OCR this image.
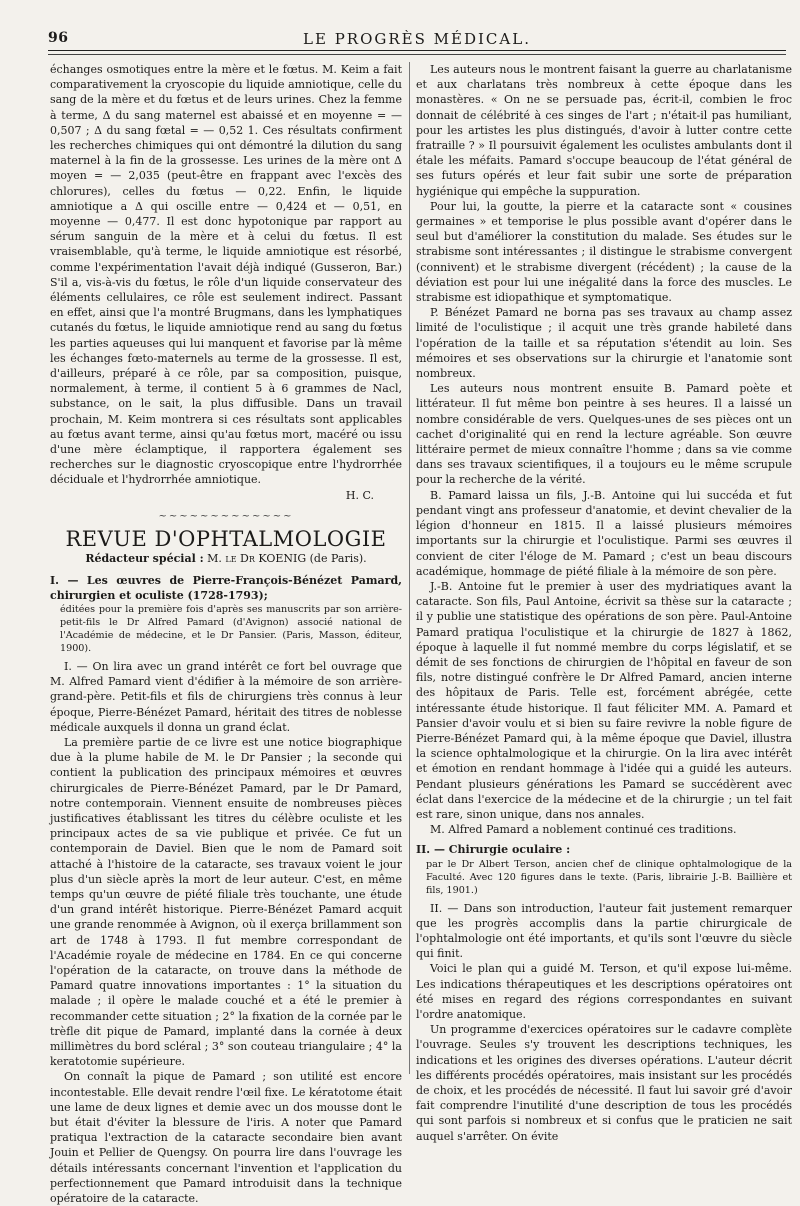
96	LE PROGRÈS MÉDICAL.

échanges osmotiques entre la mère et le fœtus. M. Keim a fait comparativement la cryoscopie du liquide amniotique, celle du sang de la mère et du fœtus et de leurs urines. Chez la femme à terme, Δ du sang maternel est abaissé et en moyenne = — 0,507 ; Δ du sang fœtal = — 0,52 1. Ces résultats confirment les recherches chimiques qui ont démontré la dilution du sang maternel à la fin de la grossesse. Les urines de la mère ont Δ moyen = — 2,035 (peut-être en frappant avec l'excès des chlorures), celles du fœtus — 0,22. Enfin, le liquide amniotique a Δ qui oscille entre — 0,424 et — 0,51, en moyenne — 0,477. Il est donc hypotonique par rapport au sérum sanguin de la mère et à celui du fœtus. Il est vraisemblable, qu'à terme, le liquide amniotique est résorbé, comme l'expérimentation l'avait déjà indiqué (Gusseron, Bar.) S'il a, vis-à-vis du fœtus, le rôle d'un liquide conservateur des éléments cellulaires, ce rôle est seulement indirect. Passant en effet, ainsi que l'a montré Brugmans, dans les lymphatiques cutanés du fœtus, le liquide amniotique rend au sang du fœtus les parties aqueuses qui lui manquent et favorise par là même les échanges fœto-maternels au terme de la grossesse. Il est, d'ailleurs, préparé à ce rôle, par sa composition, puisque, normalement, à terme, il contient 5 à 6 grammes de Nacl, substance, on le sait, la plus diffusible. Dans un travail prochain, M. Keim montrera si ces résultats sont applicables au fœtus avant terme, ainsi qu'au fœtus mort, macéré ou issu d'une mère éclamptique, il rapportera également ses recherches sur le diagnostic cryoscopique entre l'hydrorrhée déciduale et l'hydrorrhée amniotique.

H. C.

~~~~~~~~~~~~~
REVUE D'OPHTALMOLOGIE
Rédacteur spécial : M. le Dr KOENIG (de Paris).

I. — Les œuvres de Pierre-François-Bénézet Pamard, chirurgien et oculiste (1728-1793);

éditées pour la première fois d'après ses manuscrits par son arrière-petit-fils le Dr Alfred Pamard (d'Avignon) associé national de l'Académie de médecine, et le Dr Pansier. (Paris, Masson, éditeur, 1900).

I. — On lira avec un grand intérêt ce fort bel ouvrage que M. Alfred Pamard vient d'édifier à la mémoire de son arrière-grand-père. Petit-fils et fils de chirurgiens très connus à leur époque, Pierre-Bénézet Pamard, héritait des titres de noblesse médicale auxquels il donna un grand éclat.

La première partie de ce livre est une notice biographique due à la plume habile de M. le Dr Pansier ; la seconde qui contient la publication des principaux mémoires et œuvres chirurgicales de Pierre-Bénézet Pamard, par le Dr Pamard, notre contemporain. Viennent ensuite de nombreuses pièces justificatives établissant les titres du célèbre oculiste et les principaux actes de sa vie publique et privée. Ce fut un contemporain de Daviel. Bien que le nom de Pamard soit attaché à l'histoire de la cataracte, ses travaux voient le jour plus d'un siècle après la mort de leur auteur. C'est, en même temps qu'un œuvre de piété filiale très touchante, une étude d'un grand intérêt historique. Pierre-Bénézet Pamard acquit une grande renommée à Avignon, où il exerça brillamment son art de 1748 à 1793. Il fut membre correspondant de l'Académie royale de médecine en 1784. En ce qui concerne l'opération de la cataracte, on trouve dans la méthode de Pamard quatre innovations importantes : 1° la situation du malade ; il opère le malade couché et a été le premier à recommander cette situation ; 2° la fixation de la cornée par le trèfle dit pique de Pamard, implanté dans la cornée à deux millimètres du bord scléral ; 3° son couteau triangulaire ; 4° la keratotomie supérieure.

On connaît la pique de Pamard ; son utilité est encore incontestable. Elle devait rendre l'œil fixe. Le kératotome était une lame de deux lignes et demie avec un dos mousse dont le but était d'éviter la blessure de l'iris. A noter que Pamard pratiqua l'extraction de la cataracte secondaire bien avant Jouin et Pellier de Quengsy. On pourra lire dans l'ouvrage les détails intéressants concernant l'invention et l'application du perfectionnement que Pamard introduisit dans la technique opératoire de la cataracte.

Les auteurs nous le montrent faisant la guerre au charlatanisme et aux charlatans très nombreux à cette époque dans les monastères. « On ne se persuade pas, écrit-il, combien le froc donnait de célébrité à ces singes de l'art ; n'était-il pas humiliant, pour les artistes les plus distingués, d'avoir à lutter contre cette fratraille ? » Il poursuivit également les oculistes ambulants dont il étale les méfaits. Pamard s'occupe beaucoup de l'état général de ses futurs opérés et leur fait subir une sorte de préparation hygiénique qui empêche la suppuration.

Pour lui, la goutte, la pierre et la cataracte sont « cousines germaines » et temporise le plus possible avant d'opérer dans le seul but d'améliorer la constitution du malade. Ses études sur le strabisme sont intéressantes ; il distingue le strabisme convergent (connivent) et le strabisme divergent (récédent) ; la cause de la déviation est pour lui une inégalité dans la force des muscles. Le strabisme est idiopathique et symptomatique.

P. Bénézet Pamard ne borna pas ses travaux au champ assez limité de l'oculistique ; il acquit une très grande habileté dans l'opération de la taille et sa réputation s'étendit au loin. Ses mémoires et ses observations sur la chirurgie et l'anatomie sont nombreux.

Les auteurs nous montrent ensuite B. Pamard poète et littérateur. Il fut même bon peintre à ses heures. Il a laissé un nombre considérable de vers. Quelques-unes de ses pièces ont un cachet d'originalité qui en rend la lecture agréable. Son œuvre littéraire permet de mieux connaître l'homme ; dans sa vie comme dans ses travaux scientifiques, il a toujours eu le même scrupule pour la recherche de la vérité.

B. Pamard laissa un fils, J.-B. Antoine qui lui succéda et fut pendant vingt ans professeur d'anatomie, et devint chevalier de la légion d'honneur en 1815. Il a laissé plusieurs mémoires importants sur la chirurgie et l'oculistique. Parmi ses œuvres il convient de citer l'éloge de M. Pamard ; c'est un beau discours académique, hommage de piété filiale à la mémoire de son père.

J.-B. Antoine fut le premier à user des mydriatiques avant la cataracte. Son fils, Paul Antoine, écrivit sa thèse sur la cataracte ; il y publie une statistique des opérations de son père. Paul-Antoine Pamard pratiqua l'oculistique et la chirurgie de 1827 à 1862, époque à laquelle il fut nommé membre du corps législatif, et se démit de ses fonctions de chirurgien de l'hôpital en faveur de son fils, notre distingué confrère le Dr Alfred Pamard, ancien interne des hôpitaux de Paris. Telle est, forcément abrégée, cette intéressante étude historique. Il faut féliciter MM. A. Pamard et Pansier d'avoir voulu et si bien su faire revivre la noble figure de Pierre-Bénézet Pamard qui, à la même époque que Daviel, illustra la science ophtalmologique et la chirurgie. On la lira avec intérêt et émotion en rendant hommage à l'idée qui a guidé les auteurs. Pendant plusieurs générations les Pamard se succédèrent avec éclat dans l'exercice de la médecine et de la chirurgie ; un tel fait est rare, sinon unique, dans nos annales.

M. Alfred Pamard a noblement continué ces traditions.

II. — Chirurgie oculaire :

par le Dr Albert Terson, ancien chef de clinique ophtalmologique de la Faculté. Avec 120 figures dans le texte. (Paris, librairie J.-B. Baillière et fils, 1901.)

II. — Dans son introduction, l'auteur fait justement remarquer que les progrès accomplis dans la partie chirurgicale de l'ophtalmologie ont été importants, et qu'ils sont l'œuvre du siècle qui finit.

Voici le plan qui a guidé M. Terson, et qu'il expose lui-même. Les indications thérapeutiques et les descriptions opératoires ont été mises en regard des régions correspondantes en suivant l'ordre anatomique.

Un programme d'exercices opératoires sur le cadavre complète l'ouvrage. Seules s'y trouvent les descriptions techniques, les indications et les origines des diverses opérations. L'auteur décrit les différents procédés opératoires, mais insistant sur les procédés de choix, et les procédés de nécessité. Il faut lui savoir gré d'avoir fait comprendre l'inutilité d'une description de tous les procédés qui sont parfois si nombreux et si confus que le praticien ne sait auquel s'arrêter. On évite
